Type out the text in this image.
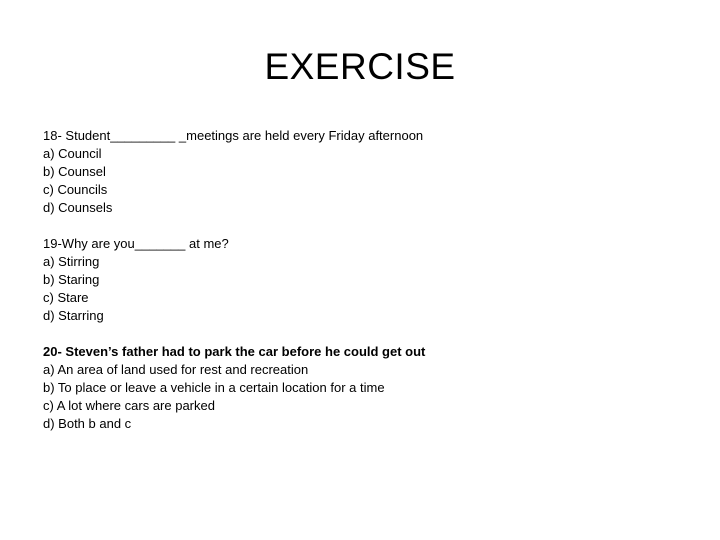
EXERCISE
18- Student_________ _meetings are held every Friday afternoon
a) Council
b) Counsel
c) Councils
d) Counsels
19-Why are you_______ at me?
a) Stirring
b) Staring
c) Stare
d) Starring
20- Steven’s father had to park the car before he could get out
a) An area of land used for rest and recreation
b) To place or leave a vehicle in a certain location for a time
c) A lot where cars are parked
d) Both b and c
